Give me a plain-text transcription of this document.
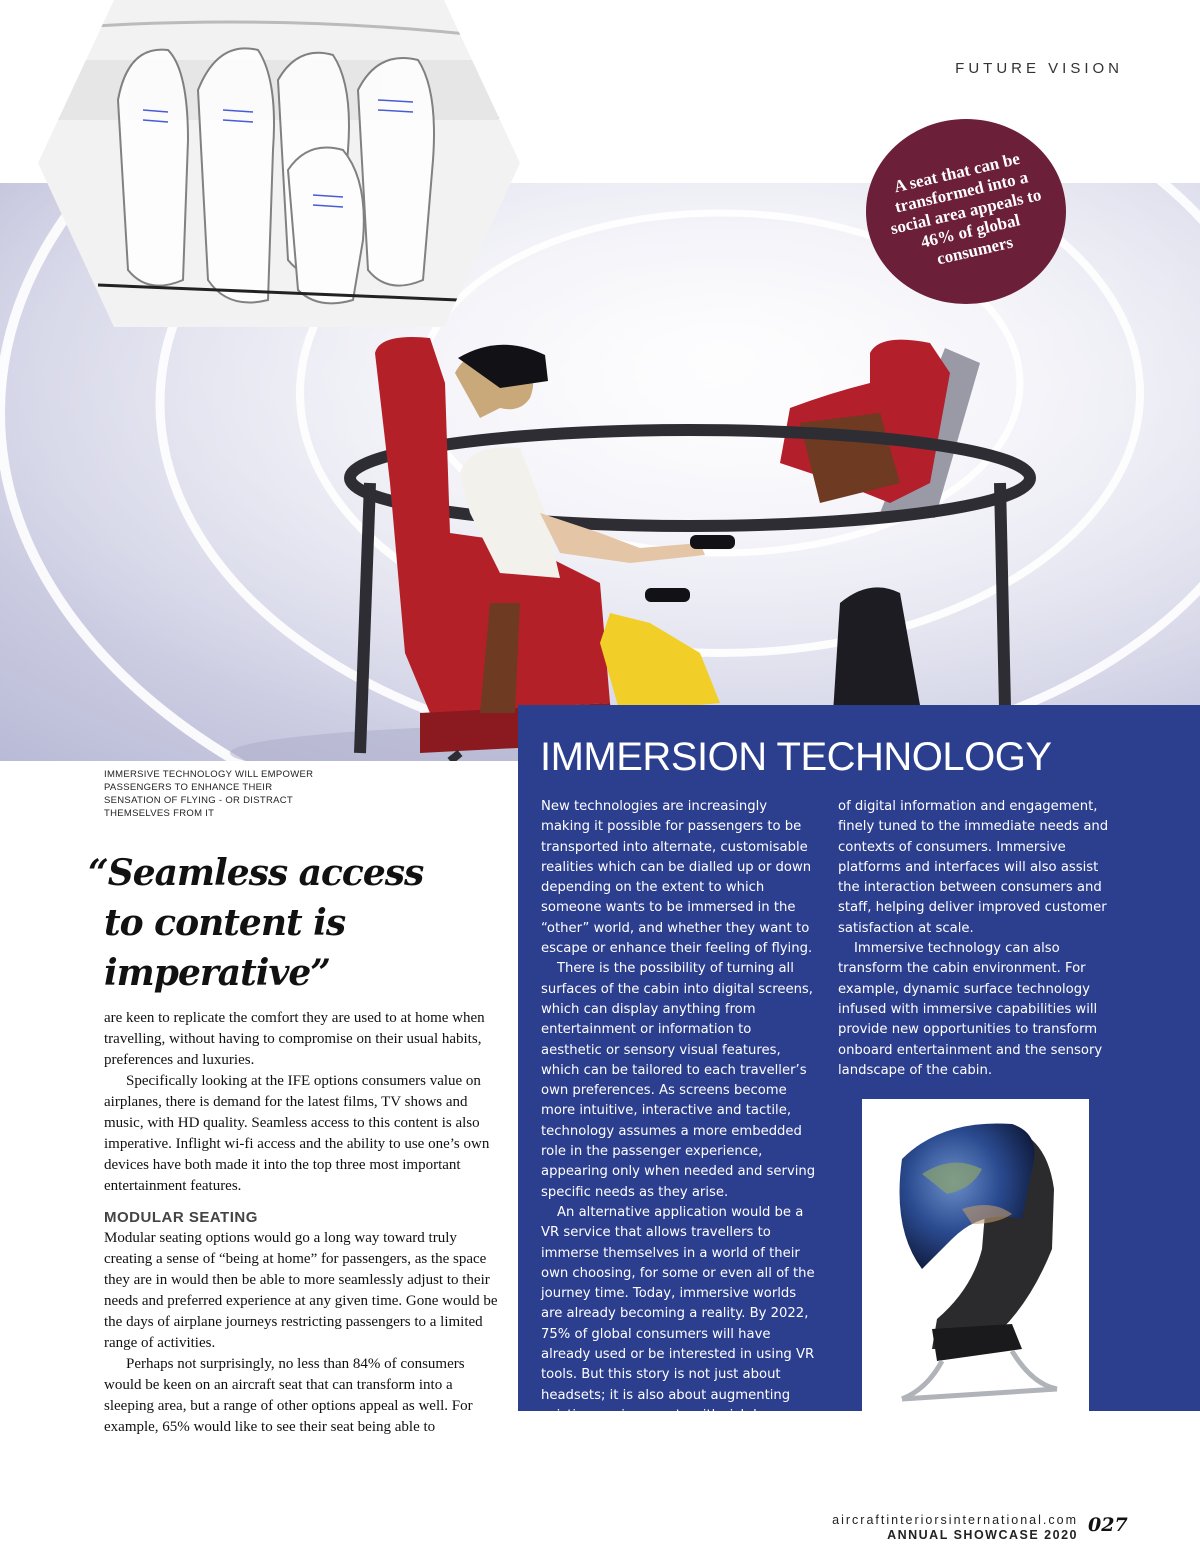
FUTURE VISION
A seat that can be transformed into a social area appeals to 46% of global consumers
IMMERSIVE TECHNOLOGY WILL EMPOWER PASSENGERS TO ENHANCE THEIR SENSATION OF FLYING - OR DISTRACT THEMSELVES FROM IT
“Seamless access
to content is
imperative”

are keen to replicate the comfort they are used to at home when travelling, without having to compromise on their usual habits, preferences and luxuries.

Specifically looking at the IFE options consumers value on airplanes, there is demand for the latest films, TV shows and music, with HD quality. Seamless access to this content is also imperative. Inflight wi-fi access and the ability to use one’s own devices have both made it into the top three most important entertainment features.

MODULAR SEATING

Modular seating options would go a long way toward truly creating a sense of “being at home” for passengers, as the space they are in would then be able to more seamlessly adjust to their needs and preferred experience at any given time. Gone would be the days of airplane journeys restricting passengers to a limited range of activities.

Perhaps not surprisingly, no less than 84% of consumers would be keen on an aircraft seat that can transform into a sleeping area, but a range of other options appeal as well. For example, 65% would like to see their seat being able to

IMMERSION TECHNOLOGY

New technologies are increasingly making it possible for passengers to be transported into alternate, customisable realities which can be dialled up or down depending on the extent to which someone wants to be immersed in the “other” world, and whether they want to escape or enhance their feeling of flying.

There is the possibility of turning all surfaces of the cabin into digital screens, which can display anything from entertainment or information to aesthetic or sensory visual features, which can be tailored to each traveller’s own preferences. As screens become more intuitive, interactive and tactile, technology assumes a more embedded role in the passenger experience, appearing only when needed and serving specific needs as they arise.

An alternative application would be a VR service that allows travellers to immerse themselves in a world of their own choosing, for some or even all of the journey time. Today, immersive worlds are already becoming a reality. By 2022, 75% of global consumers will have already used or be interested in using VR tools. But this story is not just about headsets; it is also about augmenting existing environments with rich layers

of digital information and engagement, finely tuned to the immediate needs and contexts of consumers. Immersive platforms and interfaces will also assist the interaction between consumers and staff, helping deliver improved customer satisfaction at scale.

Immersive technology can also transform the cabin environment. For example, dynamic surface technology infused with immersive capabilities will provide new opportunities to transform onboard entertainment and the sensory landscape of the cabin.

aircraftinteriorsinternational.com
ANNUAL SHOWCASE 2020 027
